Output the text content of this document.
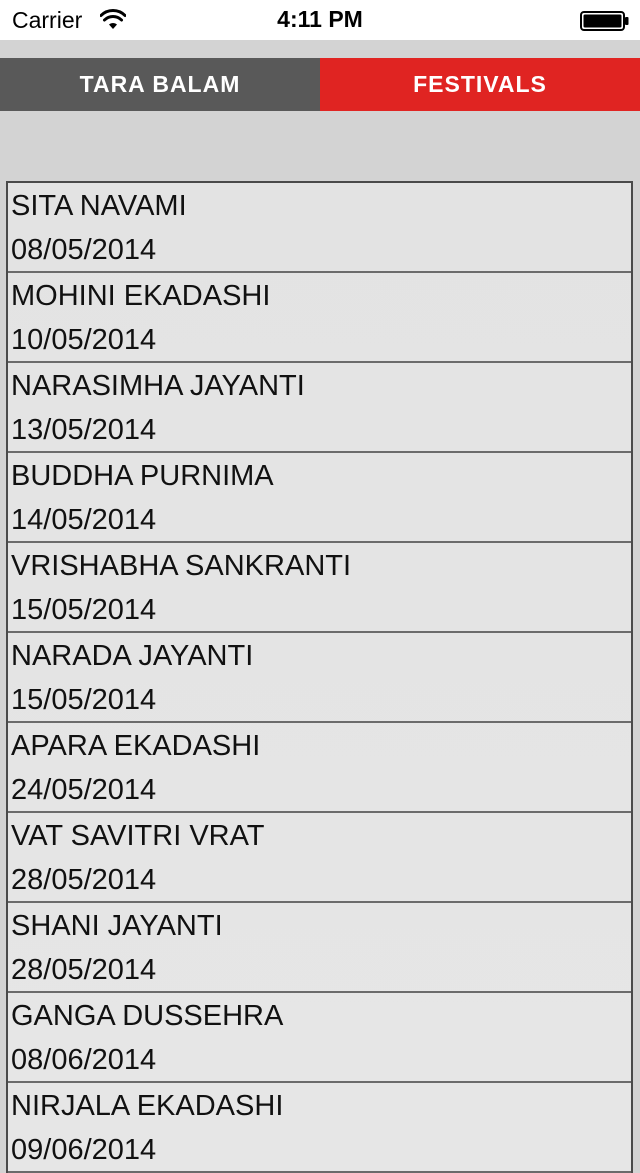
Carrier	4:11 PM
TARA BALAM	FESTIVALS
SITA NAVAMI
08/05/2014
MOHINI EKADASHI
10/05/2014
NARASIMHA JAYANTI
13/05/2014
BUDDHA PURNIMA
14/05/2014
VRISHABHA SANKRANTI
15/05/2014
NARADA JAYANTI
15/05/2014
APARA EKADASHI
24/05/2014
VAT SAVITRI VRAT
28/05/2014
SHANI JAYANTI
28/05/2014
GANGA DUSSEHRA
08/06/2014
NIRJALA EKADASHI
09/06/2014
